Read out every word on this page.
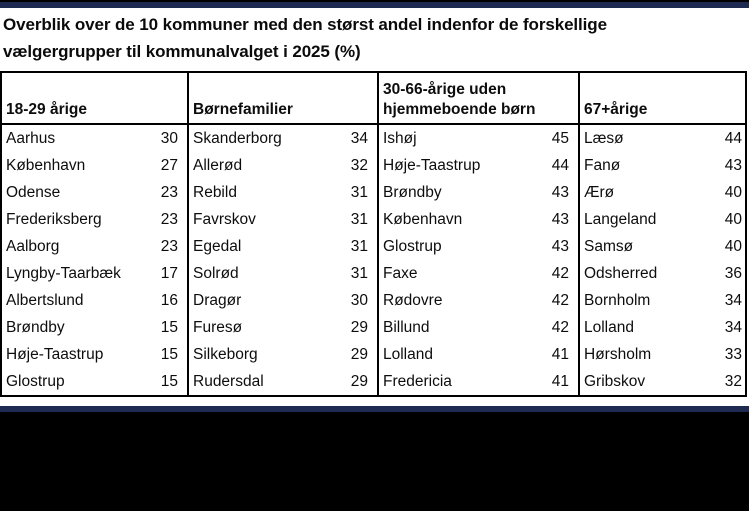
Overblik over de 10 kommuner med den størst andel indenfor de forskellige
vælgergrupper til kommunalvalget i 2025 (%)
18-29 årige
Aarhus	30
København	27
Odense	23
Frederiksberg	23
Aalborg	23
Lyngby-Taarbæk	17
Albertslund	16
Brøndby	15
Høje-Taastrup	15
Glostrup	15
Børnefamilier
Skanderborg	34
Allerød	32
Rebild	31
Favrskov	31
Egedal	31
Solrød	31
Dragør	30
Furesø	29
Silkeborg	29
Rudersdal	29
30-66-årige uden hjemmeboende børn
Ishøj	45
Høje-Taastrup	44
Brøndby	43
København	43
Glostrup	43
Faxe	42
Rødovre	42
Billund	42
Lolland	41
Fredericia	41
67+årige
Læsø	44
Fanø	43
Ærø	40
Langeland	40
Samsø	40
Odsherred	36
Bornholm	34
Lolland	34
Hørsholm	33
Gribskov	32
